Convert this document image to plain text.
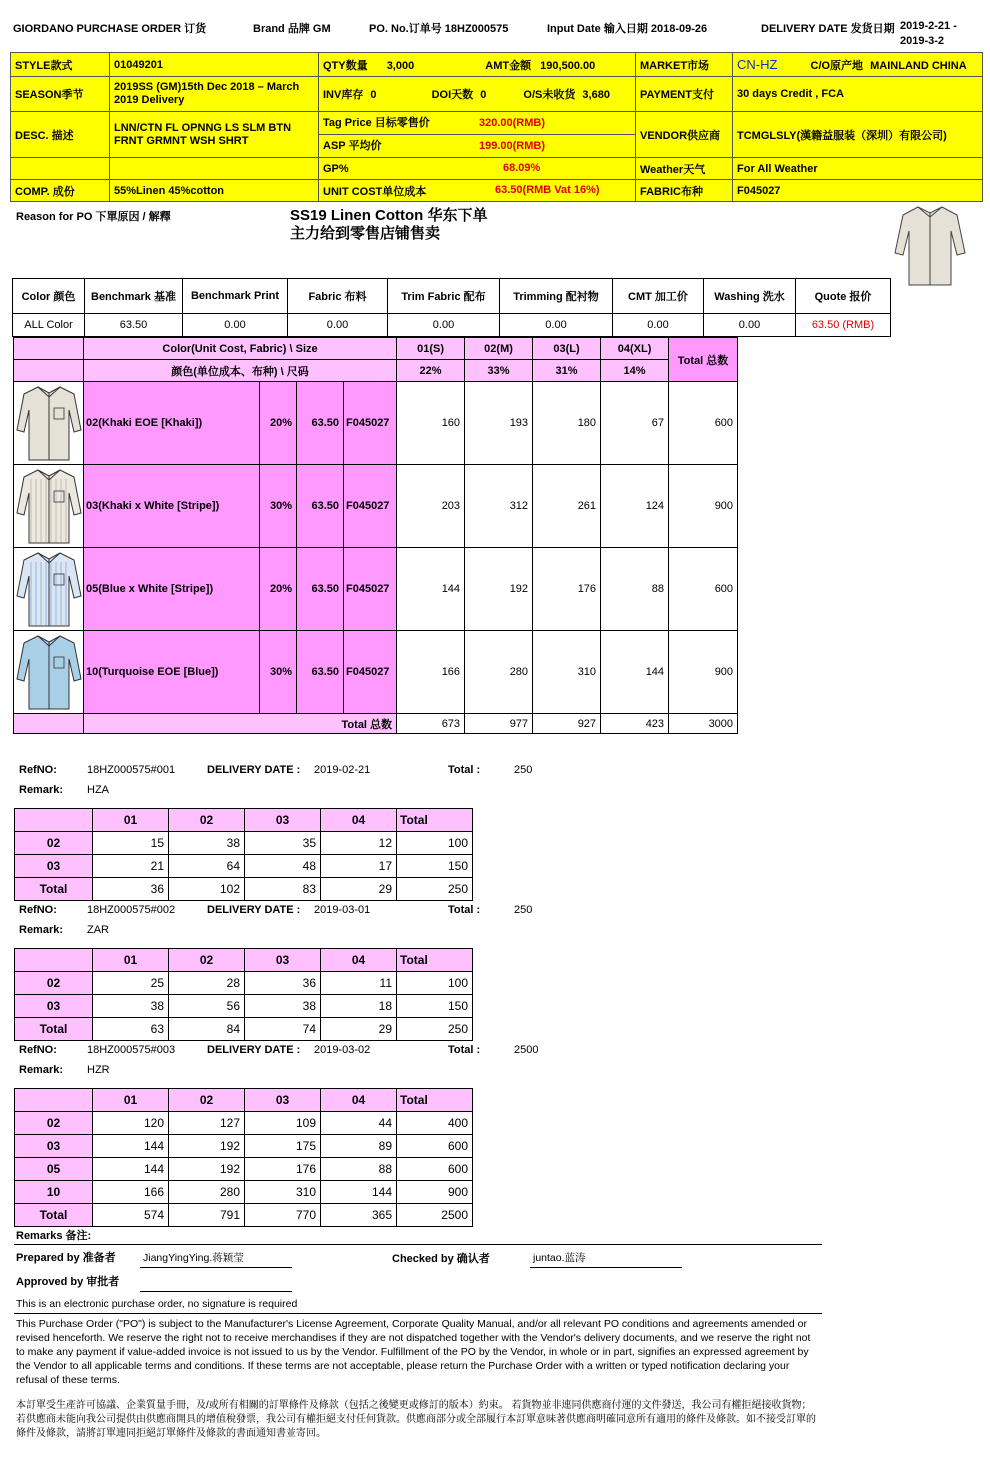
GIORDANO PURCHASE ORDER 订货	Brand 品牌 GM	PO. No.订单号 18HZ000575	Input Date 输入日期 2018-09-26	DELIVERY DATE 发货日期 2019-2-21 -
2019-3-2
STYLE款式	01049201	QTY数量 3,000 AMT金额 190,500.00	MARKET市场	CN-HZ C/O原产地 MAINLAND CHINA
SEASON季节	2019SS (GM)15th Dec 2018 – March 2019 Delivery	INV库存 0 DOI天数 0 O/S未收货 3,680	PAYMENT支付	30 days Credit , FCA
DESC. 描述	LNN/CTN FL OPNNG LS SLM BTN FRNT GRMNT WSH SHRT	Tag Price 目标零售价 320.00(RMB)
ASP 平均价 199.00(RMB)	VENDOR供应商	TCMGLSLY(漢籍益服装（深圳）有限公司)
		GP% 68.09%	Weather天气	For All Weather
COMP. 成份	55%Linen 45%cotton	UNIT COST单位成本 63.50(RMB Vat 16%)	FABRIC布种	F045027
Reason for PO 下單原因 / 解釋	SS19 Linen Cotton 华东下单
主力给到零售店铺售卖
Color 颜色	Benchmark 基准	Benchmark Print	Fabric 布料	Trim Fabric 配布	Trimming 配衬物	CMT 加工价	Washing 洗水	Quote 报价
ALL Color	63.50	0.00	0.00	0.00	0.00	0.00	0.00	63.50 (RMB)
	Color(Unit Cost, Fabric) \ Size				01(S)	02(M)	03(L)	04(XL)	Total 总数
	颜色(单位成本、布种) \ 尺码				22%	33%	31%	14%	

	02(Khaki EOE [Khaki])	20%	63.50	F045027	160	193	180	67	600

	03(Khaki x White [Stripe])	30%	63.50	F045027	203	312	261	124	900

	05(Blue x White [Stripe])	20%	63.50	F045027	144	192	176	88	600

	10(Turquoise EOE [Blue])	30%	63.50	F045027	166	280	310	144	900
	Total 总数				673	977	927	423	3000
RefNO:	18HZ000575#001	DELIVERY DATE : 2019-02-21	Total :	250
Remark: HZA
	01	02	03	04	Total
02	15	38	35	12	100
03	21	64	48	17	150
Total	36	102	83	29	250
RefNO:	18HZ000575#002	DELIVERY DATE : 2019-03-01	Total :	250
Remark: ZAR
	01	02	03	04	Total
02	25	28	36	11	100
03	38	56	38	18	150
Total	63	84	74	29	250
RefNO:	18HZ000575#003	DELIVERY DATE : 2019-03-02	Total :	2500
Remark: HZR
	01	02	03	04	Total
02	120	127	109	44	400
03	144	192	175	89	600
05	144	192	176	88	600
10	166	280	310	144	900
Total	574	791	770	365	2500
Remarks 备注:
Prepared by 准备者	JiangYingYing.蒋颖莹	Checked by 确认者	juntao.蓝涛
Approved by 审批者
This is an electronic purchase order, no signature is required
This Purchase Order ("PO") is subject to the Manufacturer's License Agreement, Corporate Quality Manual, and/or all relevant PO conditions and agreements amended or revised henceforth. We reserve the right not to receive merchandises if they are not dispatched together with the Vendor's delivery documents, and we reserve the right not to make any payment if value-added invoice is not issued to us by the Vendor. Fulfillment of the PO by the Vendor, in whole or in part, signifies an expressed agreement by the Vendor to all applicable terms and conditions. If these terms are not acceptable, please return the Purchase Order with a written or typed notification declaring your refusal of these terms.
本訂單受生產許可協議、企業質量手冊，及/或所有相關的訂單條件及條款（包括之後變更或修訂的版本）約束。 若貨物並非連同供應商付運的文件發送，我公司有權拒絕接收貨物；若供應商未能向我公司提供由供應商開具的增值稅發票，我公司有權拒絕支付任何貨款。供應商部分或全部履行本訂單意味著供應商明確同意所有適用的條件及條款。如不接受訂單的條件及條款，請將訂單連同拒絕訂單條件及條款的書面通知書並寄回。
